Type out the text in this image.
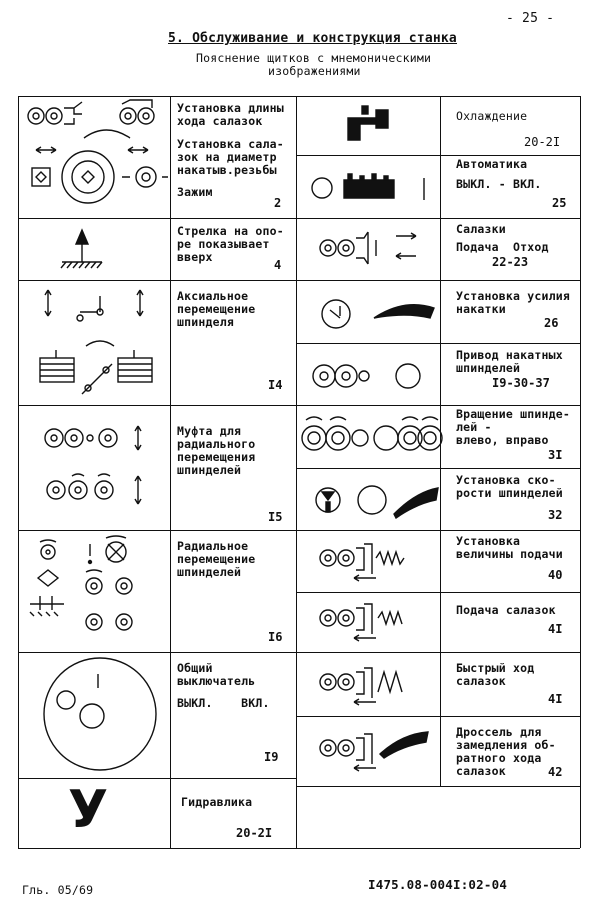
- 25 -
5. Обслуживание и конструкция станка
Пояснение щитков с мнемоническими
изображениями
Установка длины
хода салазок
Установка сала-
зок на диаметр
накатыв.резьбы
Зажим
2
Стрелка на опо-
ре показывает
вверх
4
Аксиальное
перемещение
шпинделя
I4
Муфта для
радиального
перемещения
шпинделей
I5
Радиальное
перемещение
шпинделей
I6
Общий
выключатель
ВЫКЛ.    ВКЛ.
I9
Гидравлика
20-2I
Охлаждение
20-2I
Автоматика
ВЫКЛ. - ВКЛ.
25
Салазки
Подача  Отход
22-23
Установка усилия
накатки
26
Привод накатных
шпинделей
I9-30-37
Вращение шпинде-
лей -
влево, вправо
3I
Установка ско-
рости шпинделей
32
Установка
величины подачи
40
Подача салазок
4I
Быстрый ход
салазок
4I
Дроссель для
замедления об-
ратного хода
салазок	42
Гль. 05/69	I475.08-004I:02-04
У
